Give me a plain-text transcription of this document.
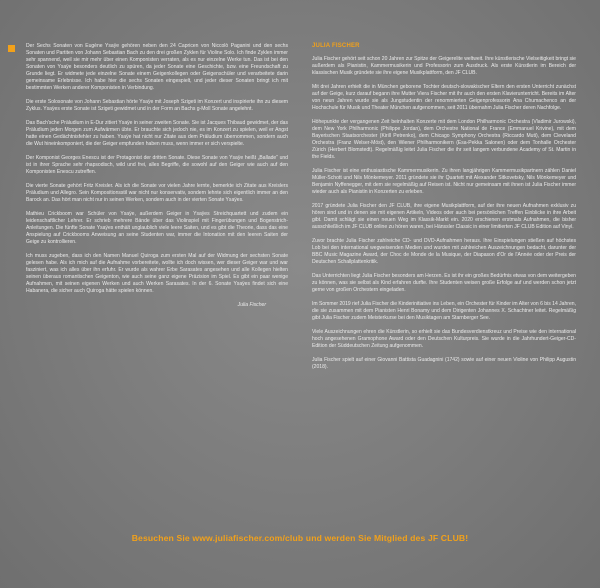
Der Sechs Sonaten von Eugène Ysaÿe gehören neben den 24 Capricen von Niccolò Paganini und den sechs Sonaten und Partiten von Johann Sebastian Bach zu den drei großen Zyklen für Violine Solo. Ich finde Zyklen immer sehr spannend, weil sie mir mehr über einen Komponisten verraten, als es nur einzelne Werke tun. Das ist bei den Sonaten von Ysaÿe besonders deutlich zu spüren, da jeder Sonate eine Geschichte, bzw. eine Freundschaft zu Grunde liegt. Er widmete jede einzelne Sonate einem Geigenkollegen oder Geigenschüler und verarbeitete darin gemeinsame Erlebnisse. Ich habe hier die sechs Sonaten eingespielt, und jeder dieser Sonaten bringt ich mit bestimmten Werken anderer Komponisten in Verbindung.

Die erste Solosonate von Johann Sebastian hörte Ysaÿe mit Joseph Szigeti im Konzert und inspirierte ihn zu diesem Zyklus. Ysaÿes erste Sonate ist Szigeti gewidmet und in der Form an Bachs g-Moll Sonate angelehnt.

Das Bach'sche Präludium in E-Dur zitiert Ysaÿe in seiner zweiten Sonate. Sie ist Jacques Thibaud gewidmet, der das Präludium jeden Morgen zum Aufwärmen übte. Er brauchte sich jedoch nie, es im Konzert zu spielen, weil er Angst hatte einen Gedächtnisfehler zu haben. Ysaÿe hat nicht nur Zitate aus dem Präludium übernommen, sondern auch die Wut hineinkomponiert, die der Geiger empfunden haben muss, wenn immer er sich verspielte.

Der Komponist Georges Enescu ist der Protagonist der dritten Sonate. Diese Sonate von Ysaÿe heißt „Ballade“ und ist in ihrer Sprache sehr rhapsodisch, wild und frei, alles Begriffe, die sowohl auf den Geiger wie auch auf den Komponisten Enescu zutreffen.

Die vierte Sonate gehört Fritz Kreisler. Als ich die Sonate vor vielen Jahre lernte, bemerkte ich Zitate aus Kreislers Präludium und Allegro. Sein Kompositionsstil war nicht nur konservativ, sondern lehnte sich eigentlich immer an den Barock an. Das hört man nicht nur in seinen Werken, sondern auch in der vierten Sonate Ysaÿes.

Mathieu Crickboom war Schüler von Ysaÿe, außerdem Geiger in Ysaÿes Streichquartett und zudem ein leidenschaftlicher Lehrer. Er schrieb mehrere Bände über das Violinspiel mit Fingerübungen und Bogenstrich-Anleitungen. Die fünfte Sonate Ysaÿes enthält unglaublich viele leere Saiten, und es gibt die Theorie, dass das eine Anspielung auf Crickbooms Anweisung an seine Studenten war, immer die Intonation mit den leeren Saiten der Geige zu kontrollieren.

Ich muss zugeben, dass ich den Namen Manuel Quiroga zum ersten Mal auf der Widmung der sechsten Sonate gelesen habe. Als ich mich auf die Aufnahme vorbereitete, wollte ich doch wissen, wer dieser Geiger war und war fasziniert, was ich alles über ihn erfuhr. Er wurde als wahrer Erbe Sarasates angesehen und alle Kollegen hielten seinen überaus romantischen Geigenton, wie auch seine ganz eigene Präzision im Spiel. Es gibt ein paar wenige Aufnahmen, mit seinen eigenen Werken und auch Werken Sarasates. In der 6. Sonate Ysaÿes findet sich eine Habanera, die sicher auch Quiroga hätte spielen können.

Julia Fischer
JULIA FISCHER

Julia Fischer gehört seit schon 20 Jahren zur Spitze der Geigerelite weltweit. Ihre künstlerische Vielseitigkeit bringt sie außerdem als Pianistin, Kammermusikerin und Professorin zum Ausdruck. Als erste Künstlerin im Bereich der klassischen Musik gründete sie ihre eigene Musikplattform, den JF CLUB.

Mit drei Jahren erhielt die in München geborene Tochter deutsch-slowakischer Eltern den ersten Unterricht zunächst auf der Geige, kurz darauf begann ihre Mutter Viera Fischer mit ihr auch den ersten Klavierunterricht. Bereits im Alter von neun Jahren wurde sie als Jungstudentin der renommierten Geigenprofessorin Ana Chumachenco an der Hochschule für Musik und Theater München aufgenommen, seit 2011 übernahm Julia Fischer deren Nachfolge.

Höhepunkte der vergangenen Zeit beinhalten Konzerte mit dem London Philharmonic Orchestra (Vladimir Jurowski), dem New York Philharmonic (Philippe Jordan), dem Orchestre National de France (Emmanuel Krivine), mit dem Bayerischen Staatsorchester (Kirill Petrenko), dem Chicago Symphony Orchestra (Riccardo Muti), dem Cleveland Orchestra (Franz Welser-Möst), den Wiener Philharmonikern (Esa-Pekka Salonen) oder dem Tonhalle Orchester Zürich (Herbert Blomstedt). Regelmäßig leitet Julia Fischer die ihr seit langem verbundene Academy of St. Martin in the Fields.

Julia Fischer ist eine enthusiastische Kammermusikerin. Zu ihren langjährigen Kammermusikpartnern zählen Daniel Müller-Schott und Nils Mönkemeyer. 2011 gründete sie ihr Quartett mit Alexander Sitkovetsky, Nils Mönkemeyer und Benjamin Nyffenegger, mit dem sie regelmäßig auf Reisen ist. Nicht nur gemeinsam mit ihnen ist Julia Fischer immer wieder auch als Pianistin in Konzerten zu erleben.

2017 gründete Julia Fischer den JF CLUB, ihre eigene Musikplattform, auf der ihre neuen Aufnahmen exklusiv zu hören sind und in denen sie mit eigenen Artikeln, Videos oder auch bei persönlichen Treffen Einblicke in ihre Arbeit gibt. Damit schlägt sie einen neuen Weg im Klassik-Markt ein. 2020 erschienen erstmals Aufnahmen, die bisher ausschließlich im JF CLUB online zu hören waren, bei Hänssler Classic in einer limitierten JF CLUB Edition auf Vinyl.

Zuvor brachte Julia Fischer zahlreiche CD- und DVD-Aufnahmen heraus. Ihre Einspielungen stießen auf höchstes Lob bei den international wegweisenden Medien und wurden mit zahlreichen Auszeichnungen bedacht, darunter der BBC Music Magazine Award, der Choc de Monde de la Musique, der Diapason d'Or de l'Année oder der Preis der Deutschen Schallplattenkritik.

Das Unterrichten liegt Julia Fischer besonders am Herzen. Es ist ihr ein großes Bedürfnis etwas von dem weitergeben zu können, was sie selbst als Kind erfahren durfte. Ihre Studenten weisen große Erfolge auf und werden schon jetzt gerne von großen Orchestern eingeladen.

Im Sommer 2019 rief Julia Fischer die Kinderinitiative ins Leben, ein Orchester für Kinder im Alter von 6 bis 14 Jahren, die sie zusammen mit dem Pianisten Henri Bonamy und dem Dirigenten Johannes X. Schachtner leitet. Regelmäßig gibt Julia Fischer zudem Meisterkurse bei den Musiktagen am Starnberger See.

Viele Auszeichnungen ehren die Künstlerin, so erhielt sie das Bundesverdienstkreuz und Preise wie den international hoch angesehenen Gramophone Award oder den Deutschen Kulturpreis. Sie wurde in die Jahrhundert-Geiger-CD-Edition der Süddeutschen Zeitung aufgenommen.

Julia Fischer spielt auf einer Giovanni Battista Guadagnini (1742) sowie auf einer neuen Violine von Philipp Augustin (2018).

Besuchen Sie www.juliafischer.com/club und werden Sie Mitglied des JF CLUB!
